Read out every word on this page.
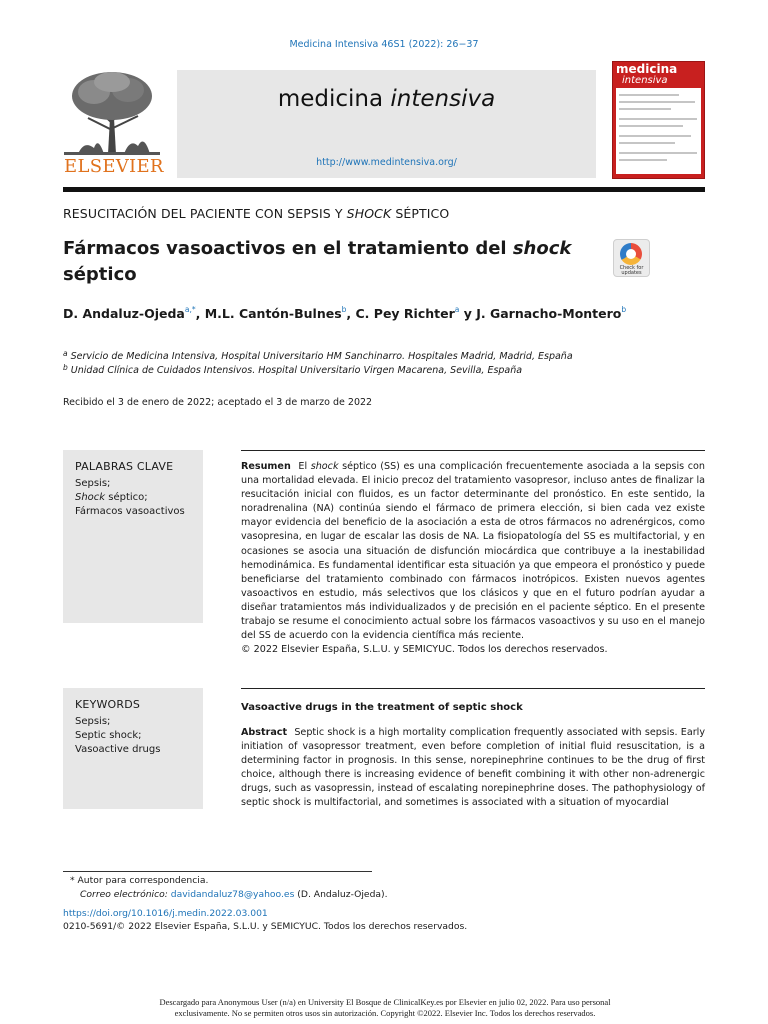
Medicina Intensiva 46S1 (2022): 26−37
ELSEVIER
medicina intensiva
http://www.medintensiva.org/
medicina
intensiva
RESUCITACIÓN DEL PACIENTE CON SEPSIS Y SHOCK SÉPTICO
Fármacos vasoactivos en el tratamiento del shock
séptico	Check for updates
D. Andaluz-Ojeda$^{a,*}$, M.L. Cantón-Bulnes$^b$, C. Pey Richter$^a$ y J. Garnacho-Montero$^b$
$^a$ Servicio de Medicina Intensiva, Hospital Universitario HM Sanchinarro. Hospitales Madrid, Madrid, España
$^b$ Unidad Clínica de Cuidados Intensivos. Hospital Universitario Virgen Macarena, Sevilla, España
Recibido el 3 de enero de 2022; aceptado el 3 de marzo de 2022
PALABRAS CLAVE
Sepsis;
Shock séptico;
Fármacos vasoactivos
Resumen El shock séptico (SS) es una complicación frecuentemente asociada a la sepsis con una mortalidad elevada. El inicio precoz del tratamiento vasopresor, incluso antes de finalizar la resucitación inicial con fluidos, es un factor determinante del pronóstico. En este sentido, la noradrenalina (NA) continúa siendo el fármaco de primera elección, si bien cada vez existe mayor evidencia del beneficio de la asociación a esta de otros fármacos no adrenérgicos, como vasopresina, en lugar de escalar las dosis de NA. La fisiopatología del SS es multifactorial, y en ocasiones se asocia una situación de disfunción miocárdica que contribuye a la inestabilidad hemodinámica. Es fundamental identificar esta situación ya que empeora el pronóstico y puede beneficiarse del tratamiento combinado con fármacos inotrópicos. Existen nuevos agentes vasoactivos en estudio, más selectivos que los clásicos y que en el futuro podrían ayudar a diseñar tratamientos más individualizados y de precisión en el paciente séptico. En el presente trabajo se resume el conocimiento actual sobre los fármacos vasoactivos y su uso en el manejo del SS de acuerdo con la evidencia científica más reciente.
© 2022 Elsevier España, S.L.U. y SEMICYUC. Todos los derechos reservados.
KEYWORDS
Sepsis;
Septic shock;
Vasoactive drugs
Vasoactive drugs in the treatment of septic shock
Abstract Septic shock is a high mortality complication frequently associated with sepsis. Early initiation of vasopressor treatment, even before completion of initial fluid resuscitation, is a determining factor in prognosis. In this sense, norepinephrine continues to be the drug of first choice, although there is increasing evidence of benefit combining it with other non-adrenergic drugs, such as vasopressin, instead of escalating norepinephrine doses. The pathophysiology of septic shock is multifactorial, and sometimes is associated with a situation of myocardial
* Autor para correspondencia.
Correo electrónico: davidandaluz78@yahoo.es (D. Andaluz-Ojeda).
https://doi.org/10.1016/j.medin.2022.03.001
0210-5691/© 2022 Elsevier España, S.L.U. y SEMICYUC. Todos los derechos reservados.
Descargado para Anonymous User (n/a) en University El Bosque de ClinicalKey.es por Elsevier en julio 02, 2022. Para uso personal
exclusivamente. No se permiten otros usos sin autorización. Copyright ©2022. Elsevier Inc. Todos los derechos reservados.
